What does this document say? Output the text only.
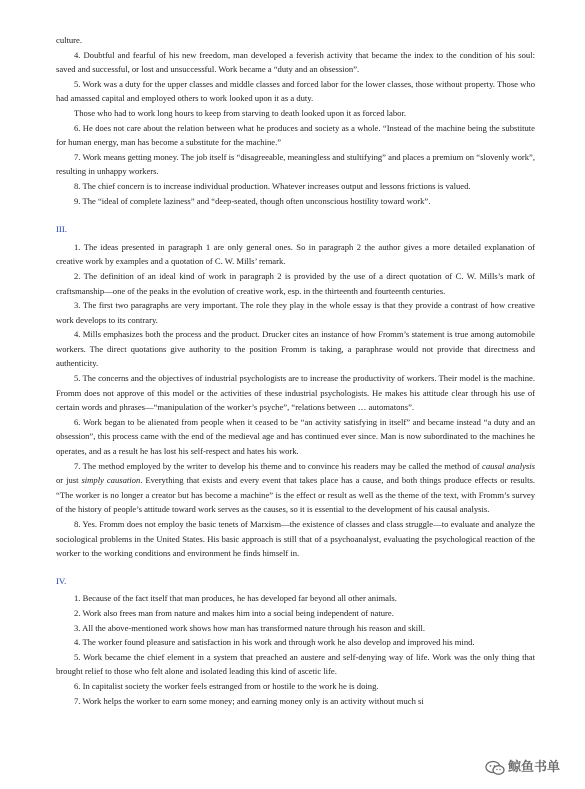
culture.

4. Doubtful and fearful of his new freedom, man developed a feverish activity that became the index to the condition of his soul: saved and successful, or lost and unsuccessful. Work became a “duty and an obsession”.

5. Work was a duty for the upper classes and middle classes and forced labor for the lower classes, those without property. Those who had amassed capital and employed others to work looked upon it as a duty.

Those who had to work long hours to keep from starving to death looked upon it as forced labor.

6. He does not care about the relation between what he produces and society as a whole. “Instead of the machine being the substitute for human energy, man has become a substitute for the machine.”

7. Work means getting money. The job itself is “disagreeable, meaningless and stultifying” and places a premium on “slovenly work”, resulting in unhappy workers.

8. The chief concern is to increase individual production. Whatever increases output and lessons frictions is valued.

9. The “ideal of complete laziness” and “deep-seated, though often unconscious hostility toward work”.

III.

1. The ideas presented in paragraph 1 are only general ones. So in paragraph 2 the author gives a more detailed explanation of creative work by examples and a quotation of C. W. Mills’ remark.

2. The definition of an ideal kind of work in paragraph 2 is provided by the use of a direct quotation of C. W. Mills’s mark of craftsmanship—one of the peaks in the evolution of creative work, esp. in the thirteenth and fourteenth centuries.

3. The first two paragraphs are very important. The role they play in the whole essay is that they provide a contrast of how creative work develops to its contrary.

4. Mills emphasizes both the process and the product. Drucker cites an instance of how Fromm’s statement is true among automobile workers. The direct quotations give authority to the position Fromm is taking, a paraphrase would not provide that directness and authenticity.

5. The concerns and the objectives of industrial psychologists are to increase the productivity of workers. Their model is the machine. Fromm does not approve of this model or the activities of these industrial psychologists. He makes his attitude clear through his use of certain words and phrases—“manipulation of the worker’s psyche”, “relations between … automatons”.

6. Work began to be alienated from people when it ceased to be “an activity satisfying in itself” and became instead “a duty and an obsession”, this process came with the end of the medieval age and has continued ever since. Man is now subordinated to the machines he operates, and as a result he has lost his self-respect and hates his work.

7. The method employed by the writer to develop his theme and to convince his readers may be called the method of causal analysis or just simply causation. Everything that exists and every event that takes place has a cause, and both things produce effects or results. “The worker is no longer a creator but has become a machine” is the effect or result as well as the theme of the text, with Fromm’s survey of the history of people’s attitude toward work serves as the causes, so it is essential to the development of his causal analysis.

8. Yes. Fromm does not employ the basic tenets of Marxism—the existence of classes and class struggle—to evaluate and analyze the sociological problems in the United States. His basic approach is still that of a psychoanalyst, evaluating the psychological reaction of the worker to the working conditions and environment he finds himself in.

IV.

1. Because of the fact itself that man produces, he has developed far beyond all other animals.

2. Work also frees man from nature and makes him into a social being independent of nature.

3. All the above-mentioned work shows how man has transformed nature through his reason and skill.

4. The worker found pleasure and satisfaction in his work and through work he also develop and improved his mind.

5. Work became the chief element in a system that preached an austere and self-denying way of life. Work was the only thing that brought relief to those who felt alone and isolated leading this kind of ascetic life.

6. In capitalist society the worker feels estranged from or hostile to the work he is doing.

7. Work helps the worker to earn some money; and earning money only is an activity without much si

鲸鱼书单
